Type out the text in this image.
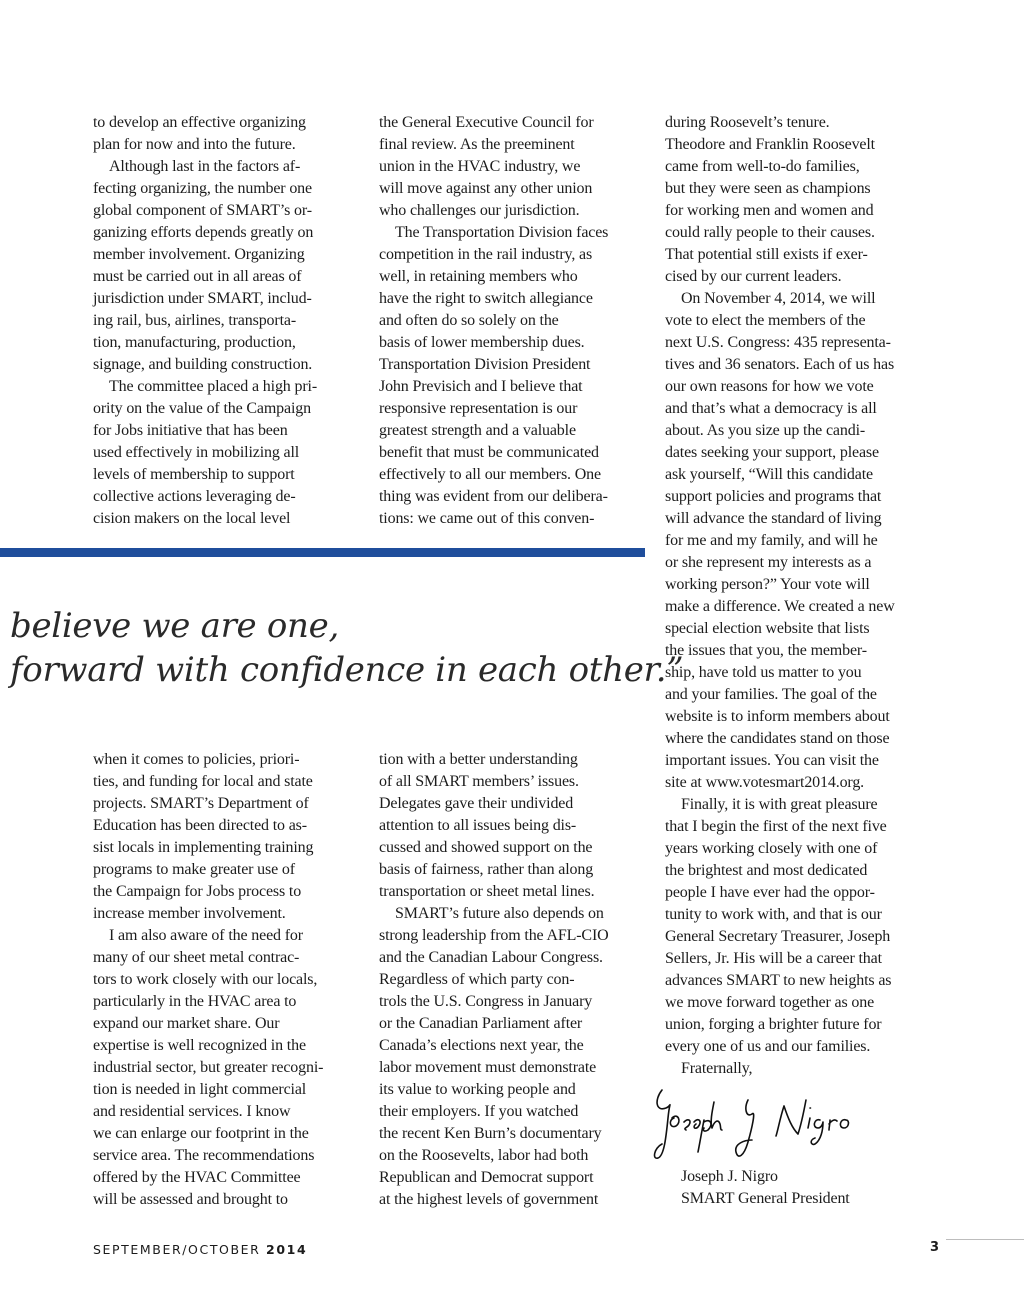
to develop an effective organizing
plan for now and into the future.
Although last in the factors af-
fecting organizing, the number one
global component of SMART’s or-
ganizing efforts depends greatly on
member involvement. Organizing
must be carried out in all areas of
jurisdiction under SMART, includ-
ing rail, bus, airlines, transporta-
tion, manufacturing, production,
signage, and building construction.
The committee placed a high pri-
ority on the value of the Campaign
for Jobs initiative that has been
used effectively in mobilizing all
levels of membership to support
collective actions leveraging de-
cision makers on the local level
the General Executive Council for
final review. As the preeminent
union in the HVAC industry, we
will move against any other union
who challenges our jurisdiction.
The Transportation Division faces
competition in the rail industry, as
well, in retaining members who
have the right to switch allegiance
and often do so solely on the
basis of lower membership dues.
Transportation Division President
John Previsich and I believe that
responsive representation is our
greatest strength and a valuable
benefit that must be communicated
effectively to all our members. One
thing was evident from our delibera-
tions: we came out of this conven-
during Roosevelt’s tenure.
Theodore and Franklin Roosevelt
came from well-to-do families,
but they were seen as champions
for working men and women and
could rally people to their causes.
That potential still exists if exer-
cised by our current leaders.
On November 4, 2014, we will
vote to elect the members of the
next U.S. Congress: 435 representa-
tives and 36 senators. Each of us has
our own reasons for how we vote
and that’s what a democracy is all
about. As you size up the candi-
dates seeking your support, please
ask yourself, “Will this candidate
support policies and programs that
will advance the standard of living
for me and my family, and will he
or she represent my interests as a
working person?” Your vote will
make a difference. We created a new
special election website that lists
the issues that you, the member-
ship, have told us matter to you
and your families. The goal of the
website is to inform members about
where the candidates stand on those
important issues. You can visit the
site at www.votesmart2014.org.
Finally, it is with great pleasure
that I begin the first of the next five
years working closely with one of
the brightest and most dedicated
people I have ever had the oppor-
tunity to work with, and that is our
General Secretary Treasurer, Joseph
Sellers, Jr. His will be a career that
advances SMART to new heights as
we move forward together as one
union, forging a brighter future for
every one of us and our families.
Fraternally,

believe we are one,

forward with confidence in each other.”

when it comes to policies, priori-
ties, and funding for local and state
projects. SMART’s Department of
Education has been directed to as-
sist locals in implementing training
programs to make greater use of
the Campaign for Jobs process to
increase member involvement.
I am also aware of the need for
many of our sheet metal contrac-
tors to work closely with our locals,
particularly in the HVAC area to
expand our market share. Our
expertise is well recognized in the
industrial sector, but greater recogni-
tion is needed in light commercial
and residential services. I know
we can enlarge our footprint in the
service area. The recommendations
offered by the HVAC Committee
will be assessed and brought to
tion with a better understanding
of all SMART members’ issues.
Delegates gave their undivided
attention to all issues being dis-
cussed and showed support on the
basis of fairness, rather than along
transportation or sheet metal lines.
SMART’s future also depends on
strong leadership from the AFL-CIO
and the Canadian Labour Congress.
Regardless of which party con-
trols the U.S. Congress in January
or the Canadian Parliament after
Canada’s elections next year, the
labor movement must demonstrate
its value to working people and
their employers. If you watched
the recent Ken Burn’s documentary
on the Roosevelts, labor had both
Republican and Democrat support
at the highest levels of government
Joseph J. Nigro
SMART General President
SEPTEMBER/OCTOBER 2014	3
